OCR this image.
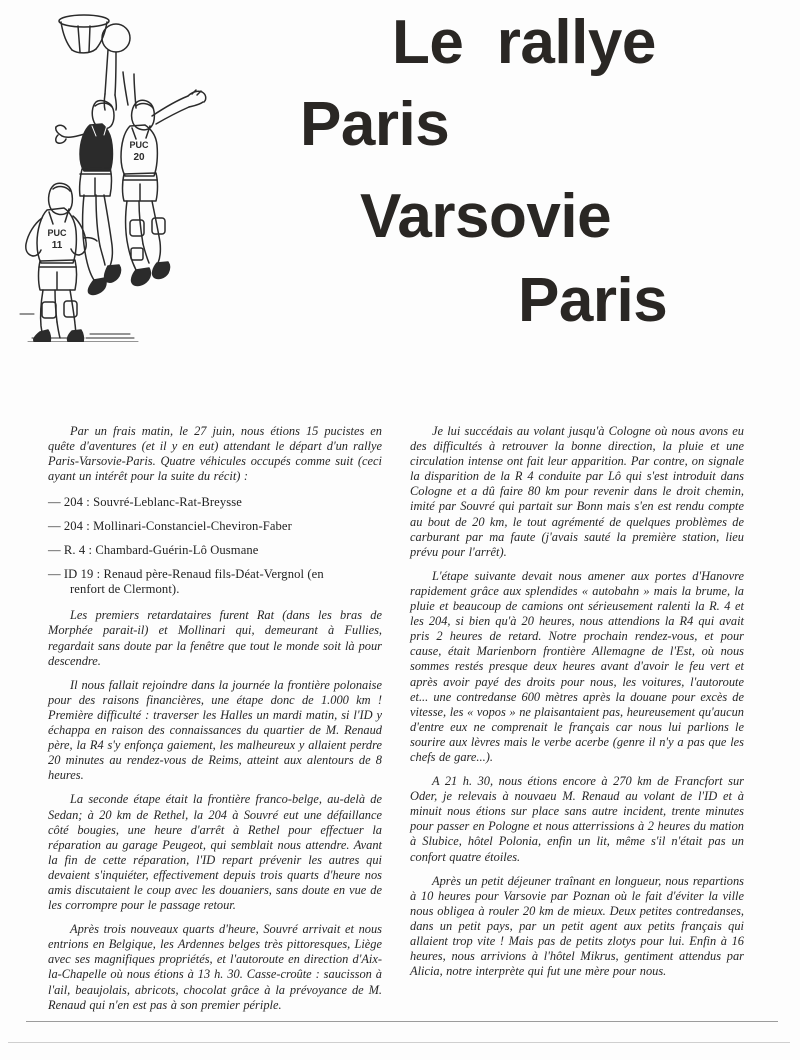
PUC
20
PUC
11
Le  rallye
Paris
Varsovie
Paris

Par un frais matin, le 27 juin, nous étions 15 pucistes en quête d'aventures (et il y en eut) attendant le départ d'un rallye Paris-Varsovie-Paris. Quatre véhicules occupés comme suit (ceci ayant un intérêt pour la suite du récit) :

— 204 : Souvré-Leblanc-Rat-Breysse
— 204 : Mollinari-Constanciel-Cheviron-Faber
— R. 4 : Chambard-Guérin-Lô Ousmane
— ID 19 : Renaud père-Renaud fils-Déat-Vergnol (en
renfort de Clermont).

Les premiers retardataires furent Rat (dans les bras de Morphée parait-il) et Mollinari qui, demeurant à Fullies, regardait sans doute par la fenêtre que tout le monde soit là pour descendre.

Il nous fallait rejoindre dans la journée la frontière polonaise pour des raisons financières, une étape donc de 1.000 km ! Première difficulté : traverser les Halles un mardi matin, si l'ID y échappa en raison des connaissances du quartier de M. Renaud père, la R4 s'y enfonça gaiement, les malheureux y allaient perdre 20 minutes au rendez-vous de Reims, atteint aux alentours de 8 heures.

La seconde étape était la frontière franco-belge, au-delà de Sedan; à 20 km de Rethel, la 204 à Souvré eut une défaillance côté bougies, une heure d'arrêt à Rethel pour effectuer la réparation au garage Peugeot, qui semblait nous attendre. Avant la fin de cette réparation, l'ID repart prévenir les autres qui devaient s'inquiéter, effectivement depuis trois quarts d'heure nos amis discutaient le coup avec les douaniers, sans doute en vue de les corrompre pour le passage retour.

Après trois nouveaux quarts d'heure, Souvré arrivait et nous entrions en Belgique, les Ardennes belges très pittoresques, Liège avec ses magnifiques propriétés, et l'autoroute en direction d'Aix-la-Chapelle où nous étions à 13 h. 30. Casse-croûte : saucisson à l'ail, beaujolais, abricots, chocolat grâce à la prévoyance de M. Renaud qui n'en est pas à son premier périple.

Je lui succédais au volant jusqu'à Cologne où nous avons eu des difficultés à retrouver la bonne direction, la pluie et une circulation intense ont fait leur apparition. Par contre, on signale la disparition de la R 4 conduite par Lô qui s'est introduit dans Cologne et a dû faire 80 km pour revenir dans le droit chemin, imité par Souvré qui partait sur Bonn mais s'en est rendu compte au bout de 20 km, le tout agrémenté de quelques problèmes de carburant par ma faute (j'avais sauté la première station, lieu prévu pour l'arrêt).

L'étape suivante devait nous amener aux portes d'Hanovre rapidement grâce aux splendides « autobahn » mais la brume, la pluie et beaucoup de camions ont sérieusement ralenti la R. 4 et les 204, si bien qu'à 20 heures, nous attendions la R4 qui avait pris 2 heures de retard. Notre prochain rendez-vous, et pour cause, était Marienborn frontière Allemagne de l'Est, où nous sommes restés presque deux heures avant d'avoir le feu vert et après avoir payé des droits pour nous, les voitures, l'autoroute et... une contredanse 600 mètres après la douane pour excès de vitesse, les « vopos » ne plaisantaient pas, heureusement qu'aucun d'entre eux ne comprenait le français car nous lui parlions le sourire aux lèvres mais le verbe acerbe (genre il n'y a pas que les chefs de gare...).

A 21 h. 30, nous étions encore à 270 km de Francfort sur Oder, je relevais à nouvaeu M. Renaud au volant de l'ID et à minuit nous étions sur place sans autre incident, trente minutes pour passer en Pologne et nous atterrissions à 2 heures du mation à Slubice, hôtel Polonia, enfin un lit, même s'il n'était pas un confort quatre étoiles.

Après un petit déjeuner traînant en longueur, nous repartions à 10 heures pour Varsovie par Poznan où le fait d'éviter la ville nous obligea à rouler 20 km de mieux. Deux petites contredanses, dans un petit pays, par un petit agent aux petits français qui allaient trop vite ! Mais pas de petits zlotys pour lui. Enfin à 16 heures, nous arrivions à l'hôtel Mikrus, gentiment attendus par Alicia, notre interprète qui fut une mère pour nous.
